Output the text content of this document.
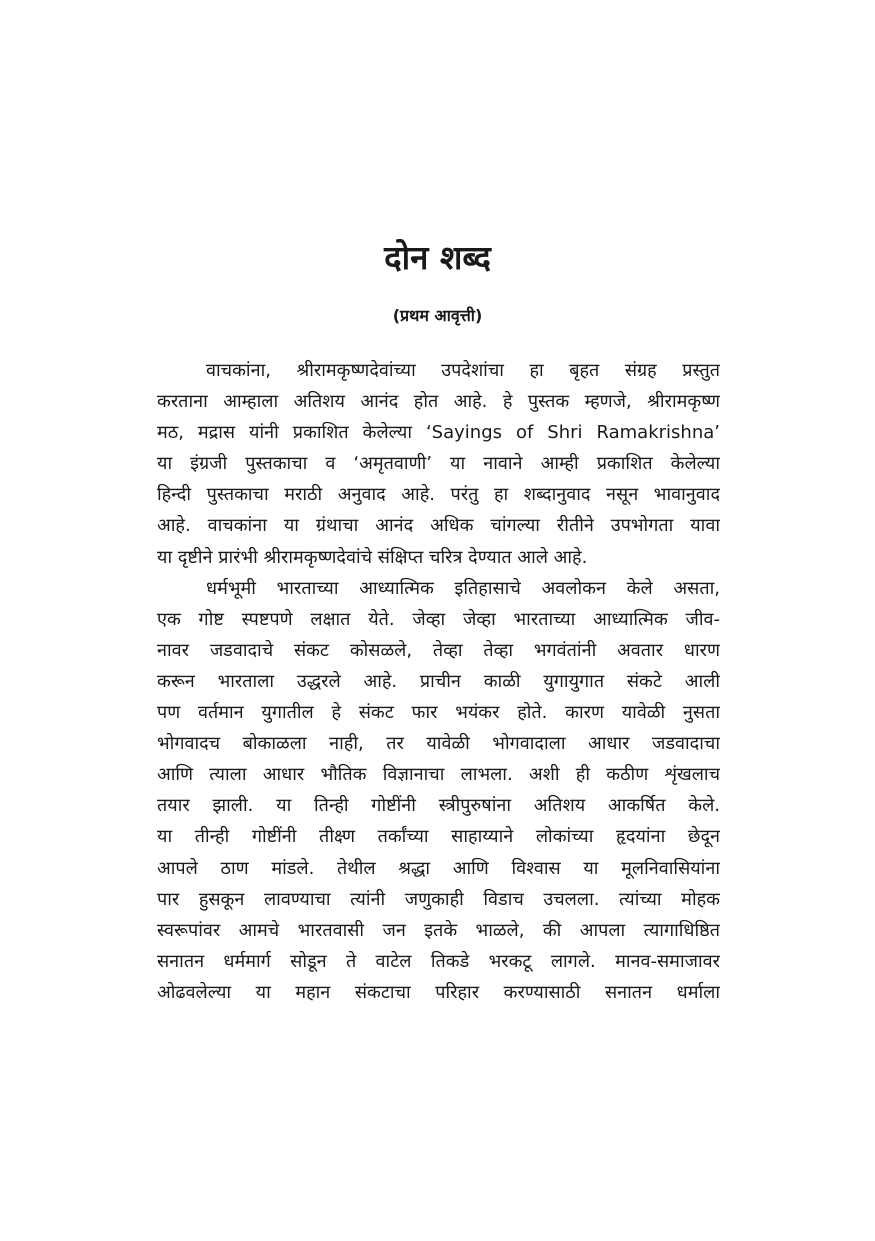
दोन शब्द

(प्रथम आवृत्ती)

वाचकांना, श्रीरामकृष्णदेवांच्या उपदेशांचा हा बृहत संग्रह प्रस्तुत
करताना आम्हाला अतिशय आनंद होत आहे. हे पुस्तक म्हणजे, श्रीरामकृष्ण
मठ, मद्रास यांनी प्रकाशित केलेल्या ‘Sayings of Shri Ramakrishna’
या इंग्रजी पुस्तकाचा व ‘अमृतवाणी’ या नावाने आम्ही प्रकाशित केलेल्या
हिन्दी पुस्तकाचा मराठी अनुवाद आहे. परंतु हा शब्दानुवाद नसून भावानुवाद
आहे. वाचकांना या ग्रंथाचा आनंद अधिक चांगल्या रीतीने उपभोगता यावा
या दृष्टीने प्रारंभी श्रीरामकृष्णदेवांचे संक्षिप्त चरित्र देण्यात आले आहे.
धर्मभूमी भारताच्या आध्यात्मिक इतिहासाचे अवलोकन केले असता,
एक गोष्ट स्पष्टपणे लक्षात येते. जेव्हा जेव्हा भारताच्या आध्यात्मिक जीव-
नावर जडवादाचे संकट कोसळले, तेव्हा तेव्हा भगवंतांनी अवतार धारण
करून भारताला उद्धरले आहे. प्राचीन काळी युगायुगात संकटे आली
पण वर्तमान युगातील हे संकट फार भयंकर होते. कारण यावेळी नुसता
भोगवादच बोकाळला नाही, तर यावेळी भोगवादाला आधार जडवादाचा
आणि त्याला आधार भौतिक विज्ञानाचा लाभला. अशी ही कठीण शृंखलाच
तयार झाली. या तिन्ही गोष्टींनी स्त्रीपुरुषांना अतिशय आकर्षित केले.
या तीन्ही गोष्टींनी तीक्ष्ण तर्कांच्या साहाय्याने लोकांच्या हृदयांना छेदून
आपले ठाण मांडले. तेथील श्रद्धा आणि विश्वास या मूलनिवासियांना
पार हुसकून लावण्याचा त्यांनी जणुकाही विडाच उचलला. त्यांच्या मोहक
स्वरूपांवर आमचे भारतवासी जन इतके भाळले, की आपला त्यागाधिष्ठित
सनातन धर्ममार्ग सोडून ते वाटेल तिकडे भरकटू लागले. मानव-समाजावर
ओढवलेल्या या महान संकटाचा परिहार करण्यासाठी सनातन धर्माला
